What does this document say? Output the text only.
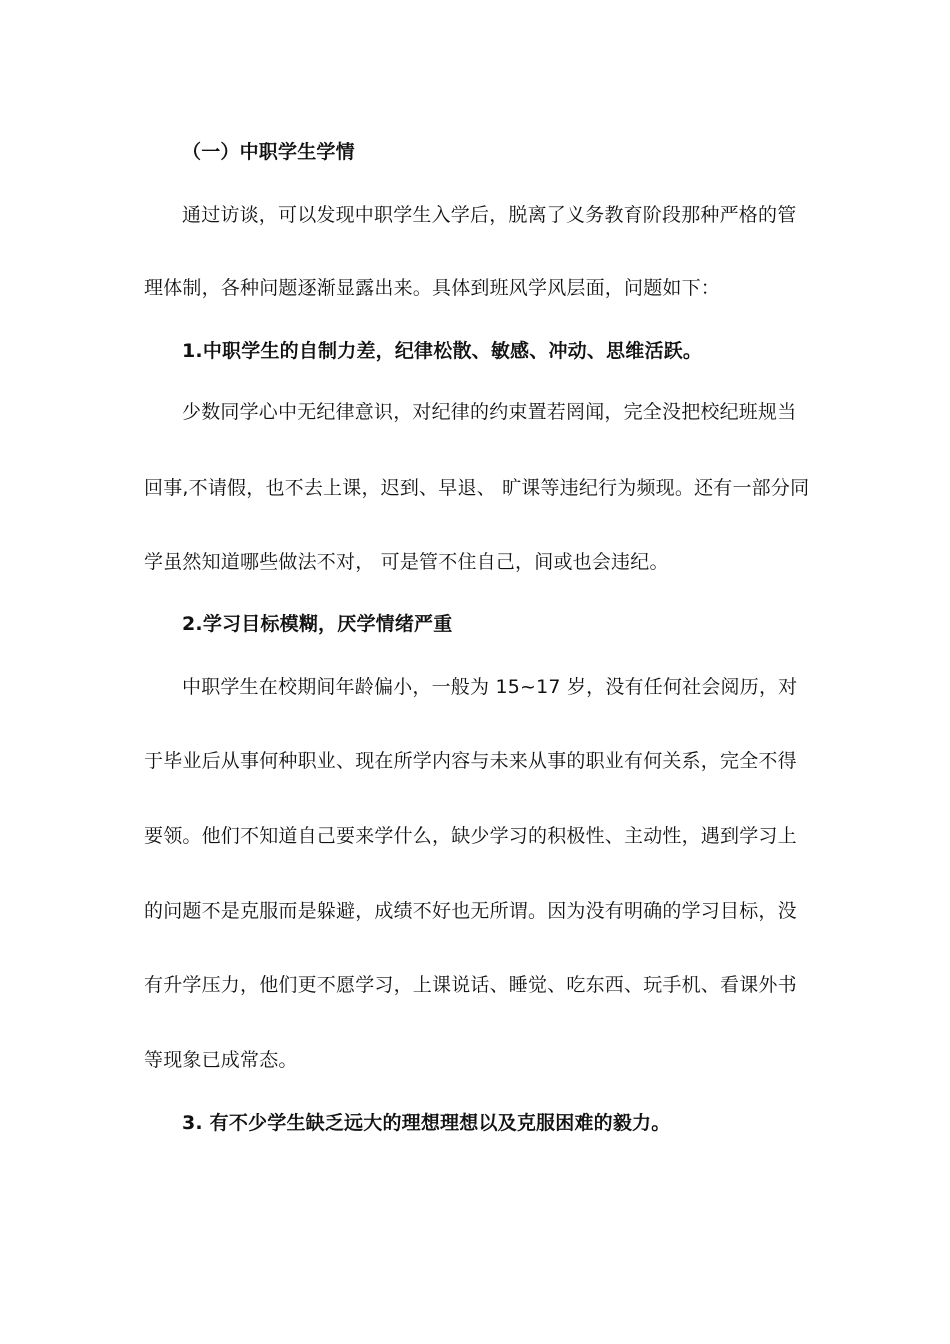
（一）中职学生学情
通过访谈，可以发现中职学生入学后，脱离了义务教育阶段那种严格的管
理体制，各种问题逐渐显露出来。具体到班风学风层面，问题如下：
1.中职学生的自制力差，纪律松散、敏感、冲动、思维活跃。
少数同学心中无纪律意识，对纪律的约束置若罔闻，完全没把校纪班规当
回事,不请假，也不去上课，迟到、早退、 旷课等违纪行为频现。还有一部分同
学虽然知道哪些做法不对， 可是管不住自己，间或也会违纪。
2.学习目标模糊，厌学情绪严重
中职学生在校期间年龄偏小，一般为 15~17 岁，没有任何社会阅历，对
于毕业后从事何种职业、现在所学内容与未来从事的职业有何关系，完全不得
要领。他们不知道自己要来学什么，缺少学习的积极性、主动性，遇到学习上
的问题不是克服而是躲避，成绩不好也无所谓。因为没有明确的学习目标，没
有升学压力，他们更不愿学习，上课说话、睡觉、吃东西、玩手机、看课外书
等现象已成常态。
3. 有不少学生缺乏远大的理想理想以及克服困难的毅力。
